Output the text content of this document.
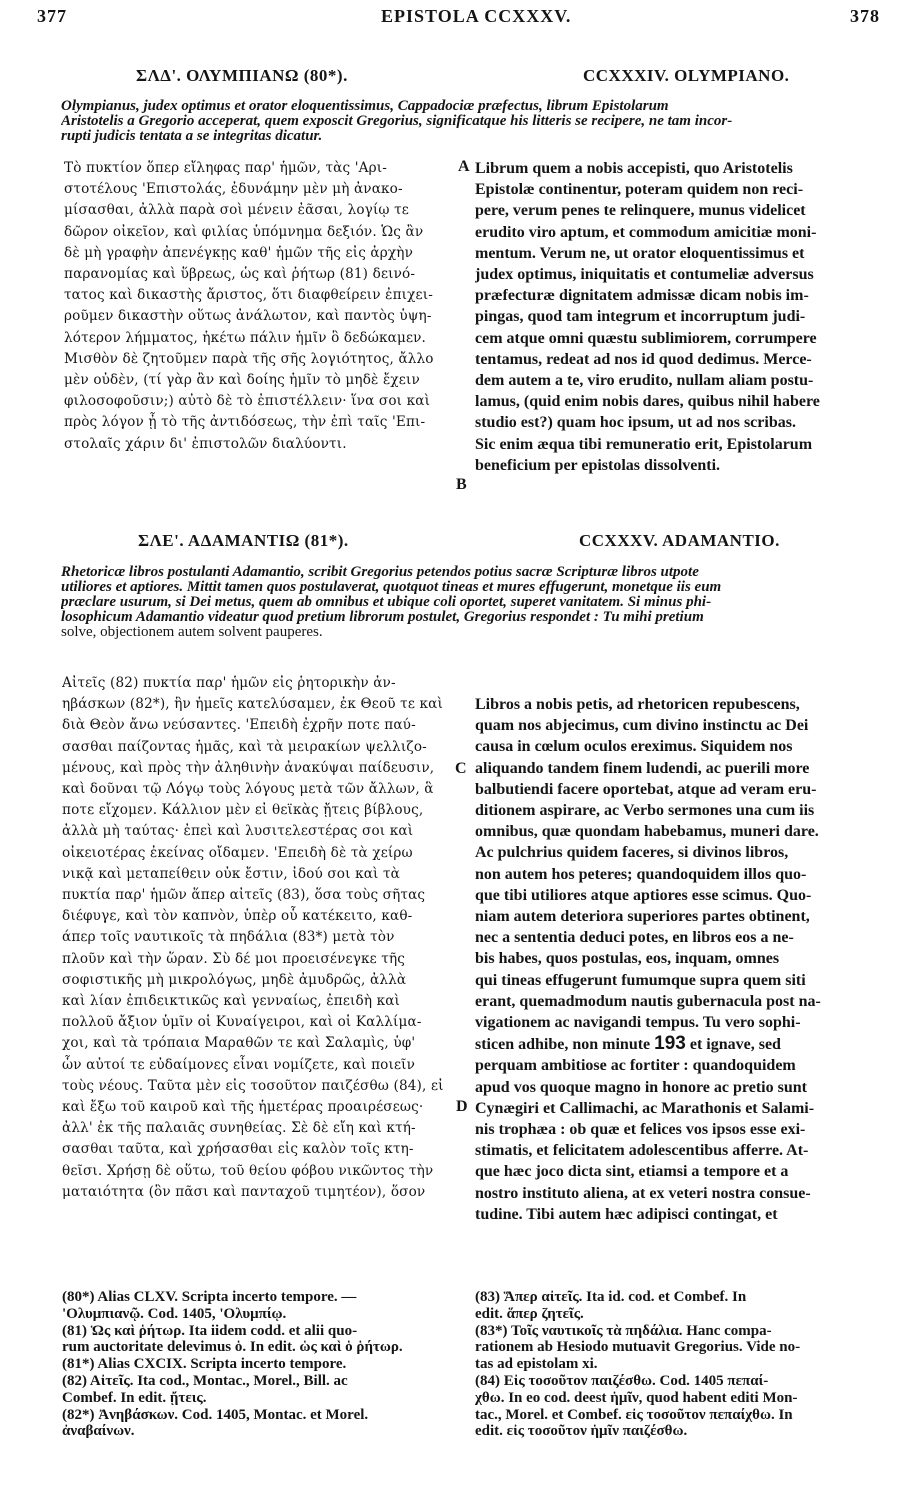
377	EPISTOLA CCXXXV.	378
ΣΛΔ'. ΟΛΥΜΠΙΑΝΩ (80*).	CCXXXIV. OLYMPIANO.
Olympianus, judex optimus et orator eloquentissimus, Cappadociæ præfectus, librum Epistolarum
Aristotelis a Gregorio acceperat, quem exposcit Gregorius, significatque his litteris se recipere, ne tam incor-
rupti judicis tentata a se integritas dicatur.
Τὸ πυκτίον ὅπερ εἴληφας παρ' ἡμῶν, τὰς 'Αρι-
στοτέλους 'Επιστολάς, ἐδυνάμην μὲν μὴ ἀνακο-
μίσασθαι, ἀλλὰ παρὰ σοὶ μένειν ἐᾶσαι, λογίῳ τε
δῶρον οἰκεῖον, καὶ φιλίας ὑπόμνημα δεξιόν. Ὡς ἂν
δὲ μὴ γραφὴν ἀπενέγκῃς καθ' ἡμῶν τῆς εἰς ἀρχὴν
παρανομίας καὶ ὕβρεως, ὡς καὶ ῥήτωρ (81) δεινό-
τατος καὶ δικαστὴς ἄριστος, ὅτι διαφθείρειν ἐπιχει-
ροῦμεν δικαστὴν οὕτως ἀνάλωτον, καὶ παντὸς ὑψη-
λότερον λήμματος, ἡκέτω πάλιν ἡμῖν ὃ δεδώκαμεν.
Μισθὸν δὲ ζητοῦμεν παρὰ τῆς σῆς λογιότητος, ἄλλο
μὲν οὐδὲν, (τί γὰρ ἂν καὶ δοίης ἡμῖν τὸ μηδὲ ἔχειν
φιλοσοφοῦσιν;) αὐτὸ δὲ τὸ ἐπιστέλλειν· ἵνα σοι καὶ
πρὸς λόγον ᾖ τὸ τῆς ἀντιδόσεως, τὴν ἐπὶ ταῖς 'Επι-
στολαῖς χάριν δι' ἐπιστολῶν διαλύοντι.
A
B
Librum quem a nobis accepisti, quo Aristotelis
Epistolæ continentur, poteram quidem non reci-
pere, verum penes te relinquere, munus videlicet
erudito viro aptum, et commodum amicitiæ moni-
mentum. Verum ne, ut orator eloquentissimus et
judex optimus, iniquitatis et contumeliæ adversus
præfecturæ dignitatem admissæ dicam nobis im-
pingas, quod tam integrum et incorruptum judi-
cem atque omni quæstu sublimiorem, corrumpere
tentamus, redeat ad nos id quod dedimus. Merce-
dem autem a te, viro erudito, nullam aliam postu-
lamus, (quid enim nobis dares, quibus nihil habere
studio est?) quam hoc ipsum, ut ad nos scribas.
Sic enim æqua tibi remuneratio erit, Epistolarum
beneficium per epistolas dissolventi.
ΣΛΕ'. ΑΔΑΜΑΝΤΙΩ (81*).	CCXXXV. ADAMANTIO.
Rhetoricæ libros postulanti Adamantio, scribit Gregorius petendos potius sacræ Scripturæ libros utpote
utiliores et aptiores. Mittit tamen quos postulaverat, quotquot tineas et mures effugerunt, monetque iis eum
præclare usurum, si Dei metus, quem ab omnibus et ubique coli oportet, superet vanitatem. Si minus phi-
losophicum Adamantio videatur quod pretium librorum postulet, Gregorius respondet : Tu mihi pretium
solve, objectionem autem solvent pauperes.
Αἰτεῖς (82) πυκτία παρ' ἡμῶν εἰς ῥητορικὴν ἀν-
ηβάσκων (82*), ἣν ἡμεῖς κατελύσαμεν, ἐκ Θεοῦ τε καὶ
διὰ Θεὸν ἄνω νεύσαντες. 'Επειδὴ ἐχρῆν ποτε παύ-
σασθαι παίζοντας ἡμᾶς, καὶ τὰ μειρακίων ψελλιζο-
μένους, καὶ πρὸς τὴν ἀληθινὴν ἀνακύψαι παίδευσιν,
καὶ δοῦναι τῷ Λόγῳ τοὺς λόγους μετὰ τῶν ἄλλων, ἃ
ποτε εἴχομεν. Κάλλιον μὲν εἰ θεϊκὰς ᾔτεις βίβλους,
ἀλλὰ μὴ ταύτας· ἐπεὶ καὶ λυσιτελεστέρας σοι καὶ
οἰκειοτέρας ἐκείνας οἴδαμεν. 'Επειδὴ δὲ τὰ χείρω
νικᾷ καὶ μεταπείθειν οὐκ ἔστιν, ἰδού σοι καὶ τὰ
πυκτία παρ' ἡμῶν ἅπερ αἰτεῖς (83), ὅσα τοὺς σῆτας
διέφυγε, καὶ τὸν καπνὸν, ὑπὲρ οὗ κατέκειτο, καθ-
άπερ τοῖς ναυτικοῖς τὰ πηδάλια (83*) μετὰ τὸν
πλοῦν καὶ τὴν ὥραν. Σὺ δέ μοι προεισένεγκε τῆς
σοφιστικῆς μὴ μικρολόγως, μηδὲ ἀμυδρῶς, ἀλλὰ
καὶ λίαν ἐπιδεικτικῶς καὶ γενναίως, ἐπειδὴ καὶ
πολλοῦ ἄξιον ὑμῖν οἱ Κυναίγειροι, καὶ οἱ Καλλίμα-
χοι, καὶ τὰ τρόπαια Μαραθῶν τε καὶ Σαλαμὶς, ὑφ'
ὧν αὐτοί τε εὐδαίμονες εἶναι νομίζετε, καὶ ποιεῖν
τοὺς νέους. Ταῦτα μὲν εἰς τοσοῦτον παιζέσθω (84), εἰ
καὶ ἔξω τοῦ καιροῦ καὶ τῆς ἡμετέρας προαιρέσεως·
ἀλλ' ἐκ τῆς παλαιᾶς συνηθείας. Σὲ δὲ εἴη καὶ κτή-
σασθαι ταῦτα, καὶ χρήσασθαι εἰς καλὸν τοῖς κτη-
θεῖσι. Χρήσῃ δὲ οὕτω, τοῦ θείου φόβου νικῶντος τὴν
ματαιότητα (ὃν πᾶσι καὶ πανταχοῦ τιμητέον), ὅσον
C
D
Libros a nobis petis, ad rhetoricen repubescens,
quam nos abjecimus, cum divino instinctu ac Dei
causa in cœlum oculos ereximus. Siquidem nos
aliquando tandem finem ludendi, ac puerili more
balbutiendi facere oportebat, atque ad veram eru-
ditionem aspirare, ac Verbo sermones una cum iis
omnibus, quæ quondam habebamus, muneri dare.
Ac pulchrius quidem faceres, si divinos libros,
non autem hos peteres; quandoquidem illos quo-
que tibi utiliores atque aptiores esse scimus. Quo-
niam autem deteriora superiores partes obtinent,
nec a sententia deduci potes, en libros eos a ne-
bis habes, quos postulas, eos, inquam, omnes
qui tineas effugerunt fumumque supra quem siti
erant, quemadmodum nautis gubernacula post na-
vigationem ac navigandi tempus. Tu vero sophi-
sticen adhibe, non minute 193 et ignave, sed
perquam ambitiose ac fortiter : quandoquidem
apud vos quoque magno in honore ac pretio sunt
Cynægiri et Callimachi, ac Marathonis et Salami-
nis trophæa : ob quæ et felices vos ipsos esse exi-
stimatis, et felicitatem adolescentibus afferre. At-
que hæc joco dicta sint, etiamsi a tempore et a
nostro instituto aliena, at ex veteri nostra consue-
tudine. Tibi autem hæc adipisci contingat, et
(80*) Alias CLXV. Scripta incerto tempore. —
'Ολυμπιανῷ. Cod. 1405, 'Ολυμπίῳ.
(81) Ὡς καὶ ῥήτωρ. Ita iidem codd. et alii quo-
rum auctoritate delevimus ὁ. In edit. ὡς καὶ ὁ ῥήτωρ.
(81*) Alias CXCIX. Scripta incerto tempore.
(82) Αἰτεῖς. Ita cod., Montac., Morel., Bill. ac
Combef. In edit. ᾔτεις.
(82*) Ἀνηβάσκων. Cod. 1405, Montac. et Morel.
ἀναβαίνων.
(83) Ἅπερ αἰτεῖς. Ita id. cod. et Combef. In
edit. ἅπερ ζητεῖς.
(83*) Τοῖς ναυτικοῖς τὰ πηδάλια. Hanc compa-
rationem ab Hesiodo mutuavit Gregorius. Vide no-
tas ad epistolam xi.
(84) Εἰς τοσοῦτον παιζέσθω. Cod. 1405 πεπαί-
χθω. In eo cod. deest ἡμῖν, quod habent editi Mon-
tac., Morel. et Combef. εἰς τοσοῦτον πεπαίχθω. In
edit. εἰς τοσοῦτον ἡμῖν παιζέσθω.
